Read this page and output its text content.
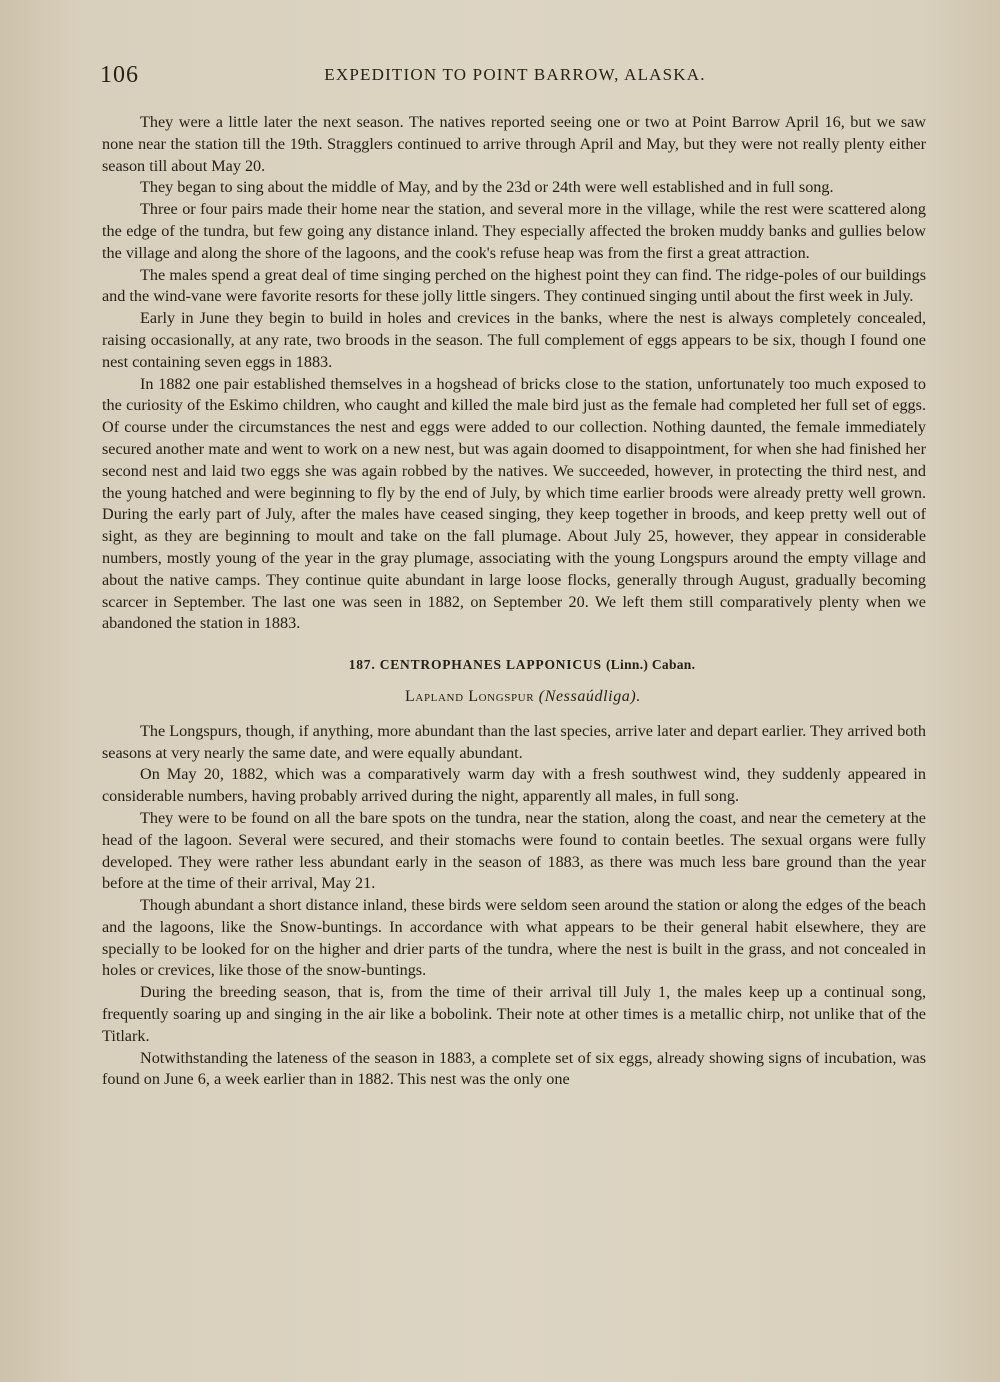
106	EXPEDITION TO POINT BARROW, ALASKA.

They were a little later the next season. The natives reported seeing one or two at Point Barrow April 16, but we saw none near the station till the 19th. Stragglers continued to arrive through April and May, but they were not really plenty either season till about May 20.

They began to sing about the middle of May, and by the 23d or 24th were well established and in full song.

Three or four pairs made their home near the station, and several more in the village, while the rest were scattered along the edge of the tundra, but few going any distance inland. They especially affected the broken muddy banks and gullies below the village and along the shore of the lagoons, and the cook's refuse heap was from the first a great attraction.

The males spend a great deal of time singing perched on the highest point they can find. The ridge-poles of our buildings and the wind-vane were favorite resorts for these jolly little singers. They continued singing until about the first week in July.

Early in June they begin to build in holes and crevices in the banks, where the nest is always completely concealed, raising occasionally, at any rate, two broods in the season. The full complement of eggs appears to be six, though I found one nest containing seven eggs in 1883.

In 1882 one pair established themselves in a hogshead of bricks close to the station, unfortunately too much exposed to the curiosity of the Eskimo children, who caught and killed the male bird just as the female had completed her full set of eggs. Of course under the circumstances the nest and eggs were added to our collection. Nothing daunted, the female immediately secured another mate and went to work on a new nest, but was again doomed to disappointment, for when she had finished her second nest and laid two eggs she was again robbed by the natives. We succeeded, however, in protecting the third nest, and the young hatched and were beginning to fly by the end of July, by which time earlier broods were already pretty well grown. During the early part of July, after the males have ceased singing, they keep together in broods, and keep pretty well out of sight, as they are beginning to moult and take on the fall plumage. About July 25, however, they appear in considerable numbers, mostly young of the year in the gray plumage, associating with the young Longspurs around the empty village and about the native camps. They continue quite abundant in large loose flocks, generally through August, gradually becoming scarcer in September. The last one was seen in 1882, on September 20. We left them still comparatively plenty when we abandoned the station in 1883.

187. CENTROPHANES LAPPONICUS (Linn.) Caban.
Lapland Longspur (Nessaúdliga).

The Longspurs, though, if anything, more abundant than the last species, arrive later and depart earlier. They arrived both seasons at very nearly the same date, and were equally abundant.

On May 20, 1882, which was a comparatively warm day with a fresh southwest wind, they suddenly appeared in considerable numbers, having probably arrived during the night, apparently all males, in full song.

They were to be found on all the bare spots on the tundra, near the station, along the coast, and near the cemetery at the head of the lagoon. Several were secured, and their stomachs were found to contain beetles. The sexual organs were fully developed. They were rather less abundant early in the season of 1883, as there was much less bare ground than the year before at the time of their arrival, May 21.

Though abundant a short distance inland, these birds were seldom seen around the station or along the edges of the beach and the lagoons, like the Snow-buntings. In accordance with what appears to be their general habit elsewhere, they are specially to be looked for on the higher and drier parts of the tundra, where the nest is built in the grass, and not concealed in holes or crevices, like those of the snow-buntings.

During the breeding season, that is, from the time of their arrival till July 1, the males keep up a continual song, frequently soaring up and singing in the air like a bobolink. Their note at other times is a metallic chirp, not unlike that of the Titlark.

Notwithstanding the lateness of the season in 1883, a complete set of six eggs, already showing signs of incubation, was found on June 6, a week earlier than in 1882. This nest was the only one
